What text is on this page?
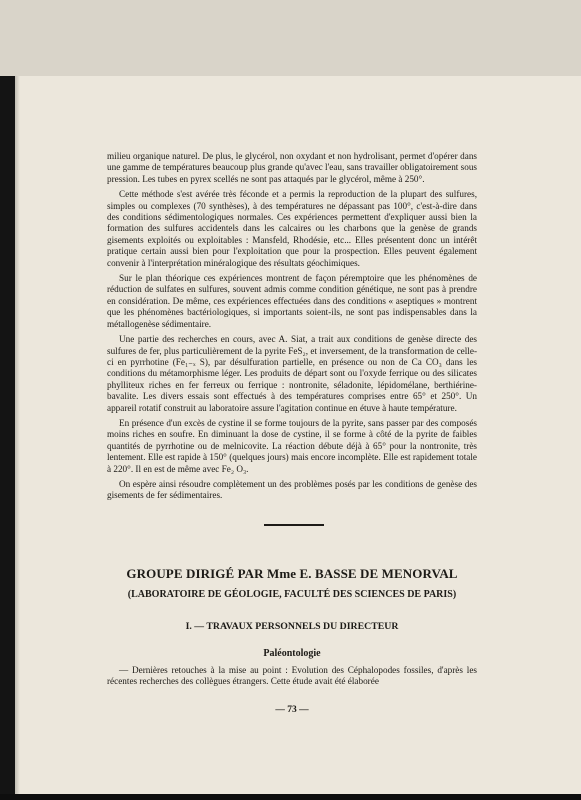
milieu organique naturel. De plus, le glycérol, non oxydant et non hydrolisant, permet d'opérer dans une gamme de températures beaucoup plus grande qu'avec l'eau, sans travailler obligatoirement sous pression. Les tubes en pyrex scellés ne sont pas attaqués par le glycérol, même à 250°.

Cette méthode s'est avérée très féconde et a permis la reproduction de la plupart des sulfures, simples ou complexes (70 synthèses), à des températures ne dépassant pas 100°, c'est-à-dire dans des conditions sédimentologiques normales. Ces expériences permettent d'expliquer aussi bien la formation des sulfures accidentels dans les calcaires ou les charbons que la genèse de grands gisements exploités ou exploitables : Mansfeld, Rhodésie, etc... Elles présentent donc un intérêt pratique certain aussi bien pour l'exploitation que pour la prospection. Elles peuvent également convenir à l'interprétation minéralogique des résultats géochimiques.

Sur le plan théorique ces expériences montrent de façon péremptoire que les phénomènes de réduction de sulfates en sulfures, souvent admis comme condition génétique, ne sont pas à prendre en considération. De même, ces expériences effectuées dans des conditions « aseptiques » montrent que les phénomènes bactériologiques, si importants soient-ils, ne sont pas indispensables dans la métallogenèse sédimentaire.

Une partie des recherches en cours, avec A. Siat, a trait aux conditions de genèse directe des sulfures de fer, plus particulièrement de la pyrite FeS₂, et inversement, de la transformation de celle-ci en pyrrhotine (Fe₁₋ₓ S), par désulfuration partielle, en présence ou non de Ca CO₃ dans les conditions du métamorphisme léger. Les produits de départ sont ou l'oxyde ferrique ou des silicates phylliteux riches en fer ferreux ou ferrique : nontronite, séladonite, lépidomélane, berthiérine-bavalite. Les divers essais sont effectués à des températures comprises entre 65° et 250°. Un appareil rotatif construit au laboratoire assure l'agitation continue en étuve à haute température.

En présence d'un excès de cystine il se forme toujours de la pyrite, sans passer par des composés moins riches en soufre. En diminuant la dose de cystine, il se forme à côté de la pyrite de faibles quantités de pyrrhotine ou de melnicovite. La réaction débute déjà à 65° pour la nontronite, très lentement. Elle est rapide à 150° (quelques jours) mais encore incomplète. Elle est rapidement totale à 220°. Il en est de même avec Fe₂ O₃.

On espère ainsi résoudre complètement un des problèmes posés par les conditions de genèse des gisements de fer sédimentaires.

GROUPE DIRIGÉ PAR Mme E. BASSE DE MENORVAL
(LABORATOIRE DE GÉOLOGIE, FACULTÉ DES SCIENCES DE PARIS)
I. — TRAVAUX PERSONNELS DU DIRECTEUR
Paléontologie

— Dernières retouches à la mise au point : Evolution des Céphalopodes fossiles, d'après les récentes recherches des collègues étrangers. Cette étude avait été élaborée

— 73 —
